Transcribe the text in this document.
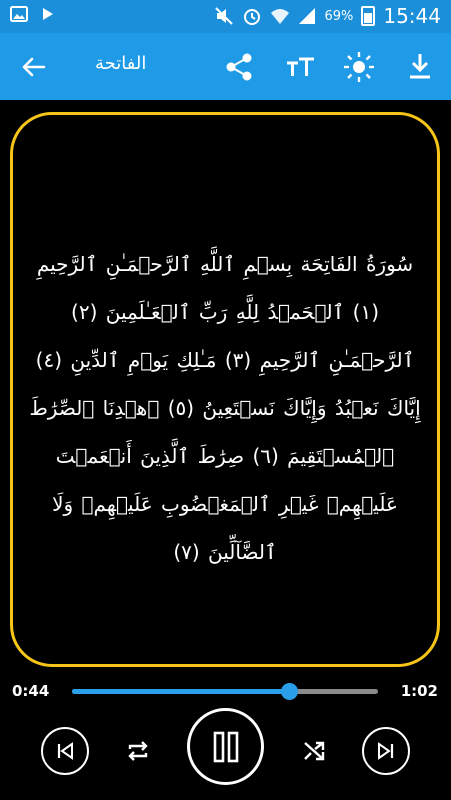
69% 15:44
الفاتحة
سُورَةُ الفَاتِحَة بِسۡمِ ٱللَّهِ ٱلرَّحۡمَـٰنِ ٱلرَّحِيمِ (١) ٱلۡحَمۡدُ لِلَّهِ رَبِّ ٱلۡعَـٰلَمِينَ (٢) ٱلرَّحۡمَـٰنِ ٱلرَّحِيمِ (٣) مَـٰلِكِ يَوۡمِ ٱلدِّينِ (٤) إِيَّاكَ نَعۡبُدُ وَإِيَّاكَ نَسۡتَعِينُ (٥) ٱهۡدِنَا ٱلصِّرَٰطَ ٱلۡمُسۡتَقِيمَ (٦) صِرَٰطَ ٱلَّذِينَ أَنۡعَمۡتَ عَلَيۡهِمۡ غَيۡرِ ٱلۡمَغۡضُوبِ عَلَيۡهِمۡ وَلَا ٱلضَّآلِّينَ (٧)
0:44	1:02
